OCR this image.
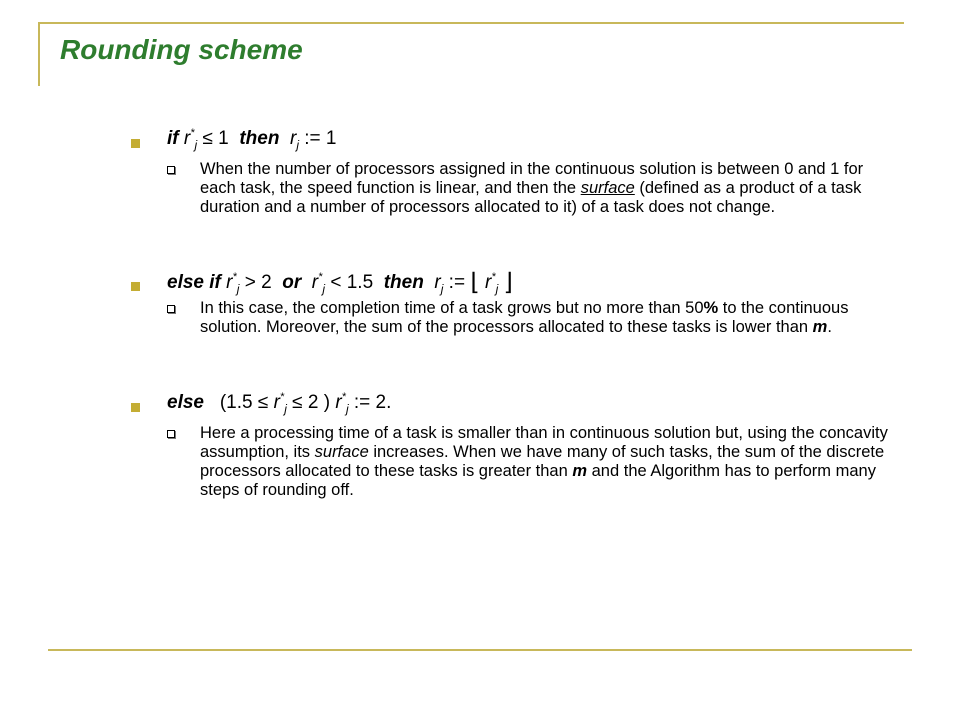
Rounding scheme
if $r^*_j \le 1$ then $r_j$ := 1

When the number of processors assigned in the continuous solution is between 0 and 1 for each task, the speed function is linear, and then the surface (defined as a product of a task duration and a number of processors allocated to it) of a task does not change.

else if $r^*_j > 2$ or $r^*_j < 1.5$ then $r_j$ := ⌊ $r^*_j$ ⌋

In this case, the completion time of a task grows but no more than 50% to the continuous solution. Moreover, the sum of the processors allocated to these tasks is lower than m.

else ($1.5 \le r^*_j \le 2$ ) $r^*_j$ := 2.

Here a processing time of a task is smaller than in continuous solution but, using the concavity assumption, its surface increases. When we have many of such tasks, the sum of the discrete processors allocated to these tasks is greater than m and the Algorithm has to perform many steps of rounding off.
